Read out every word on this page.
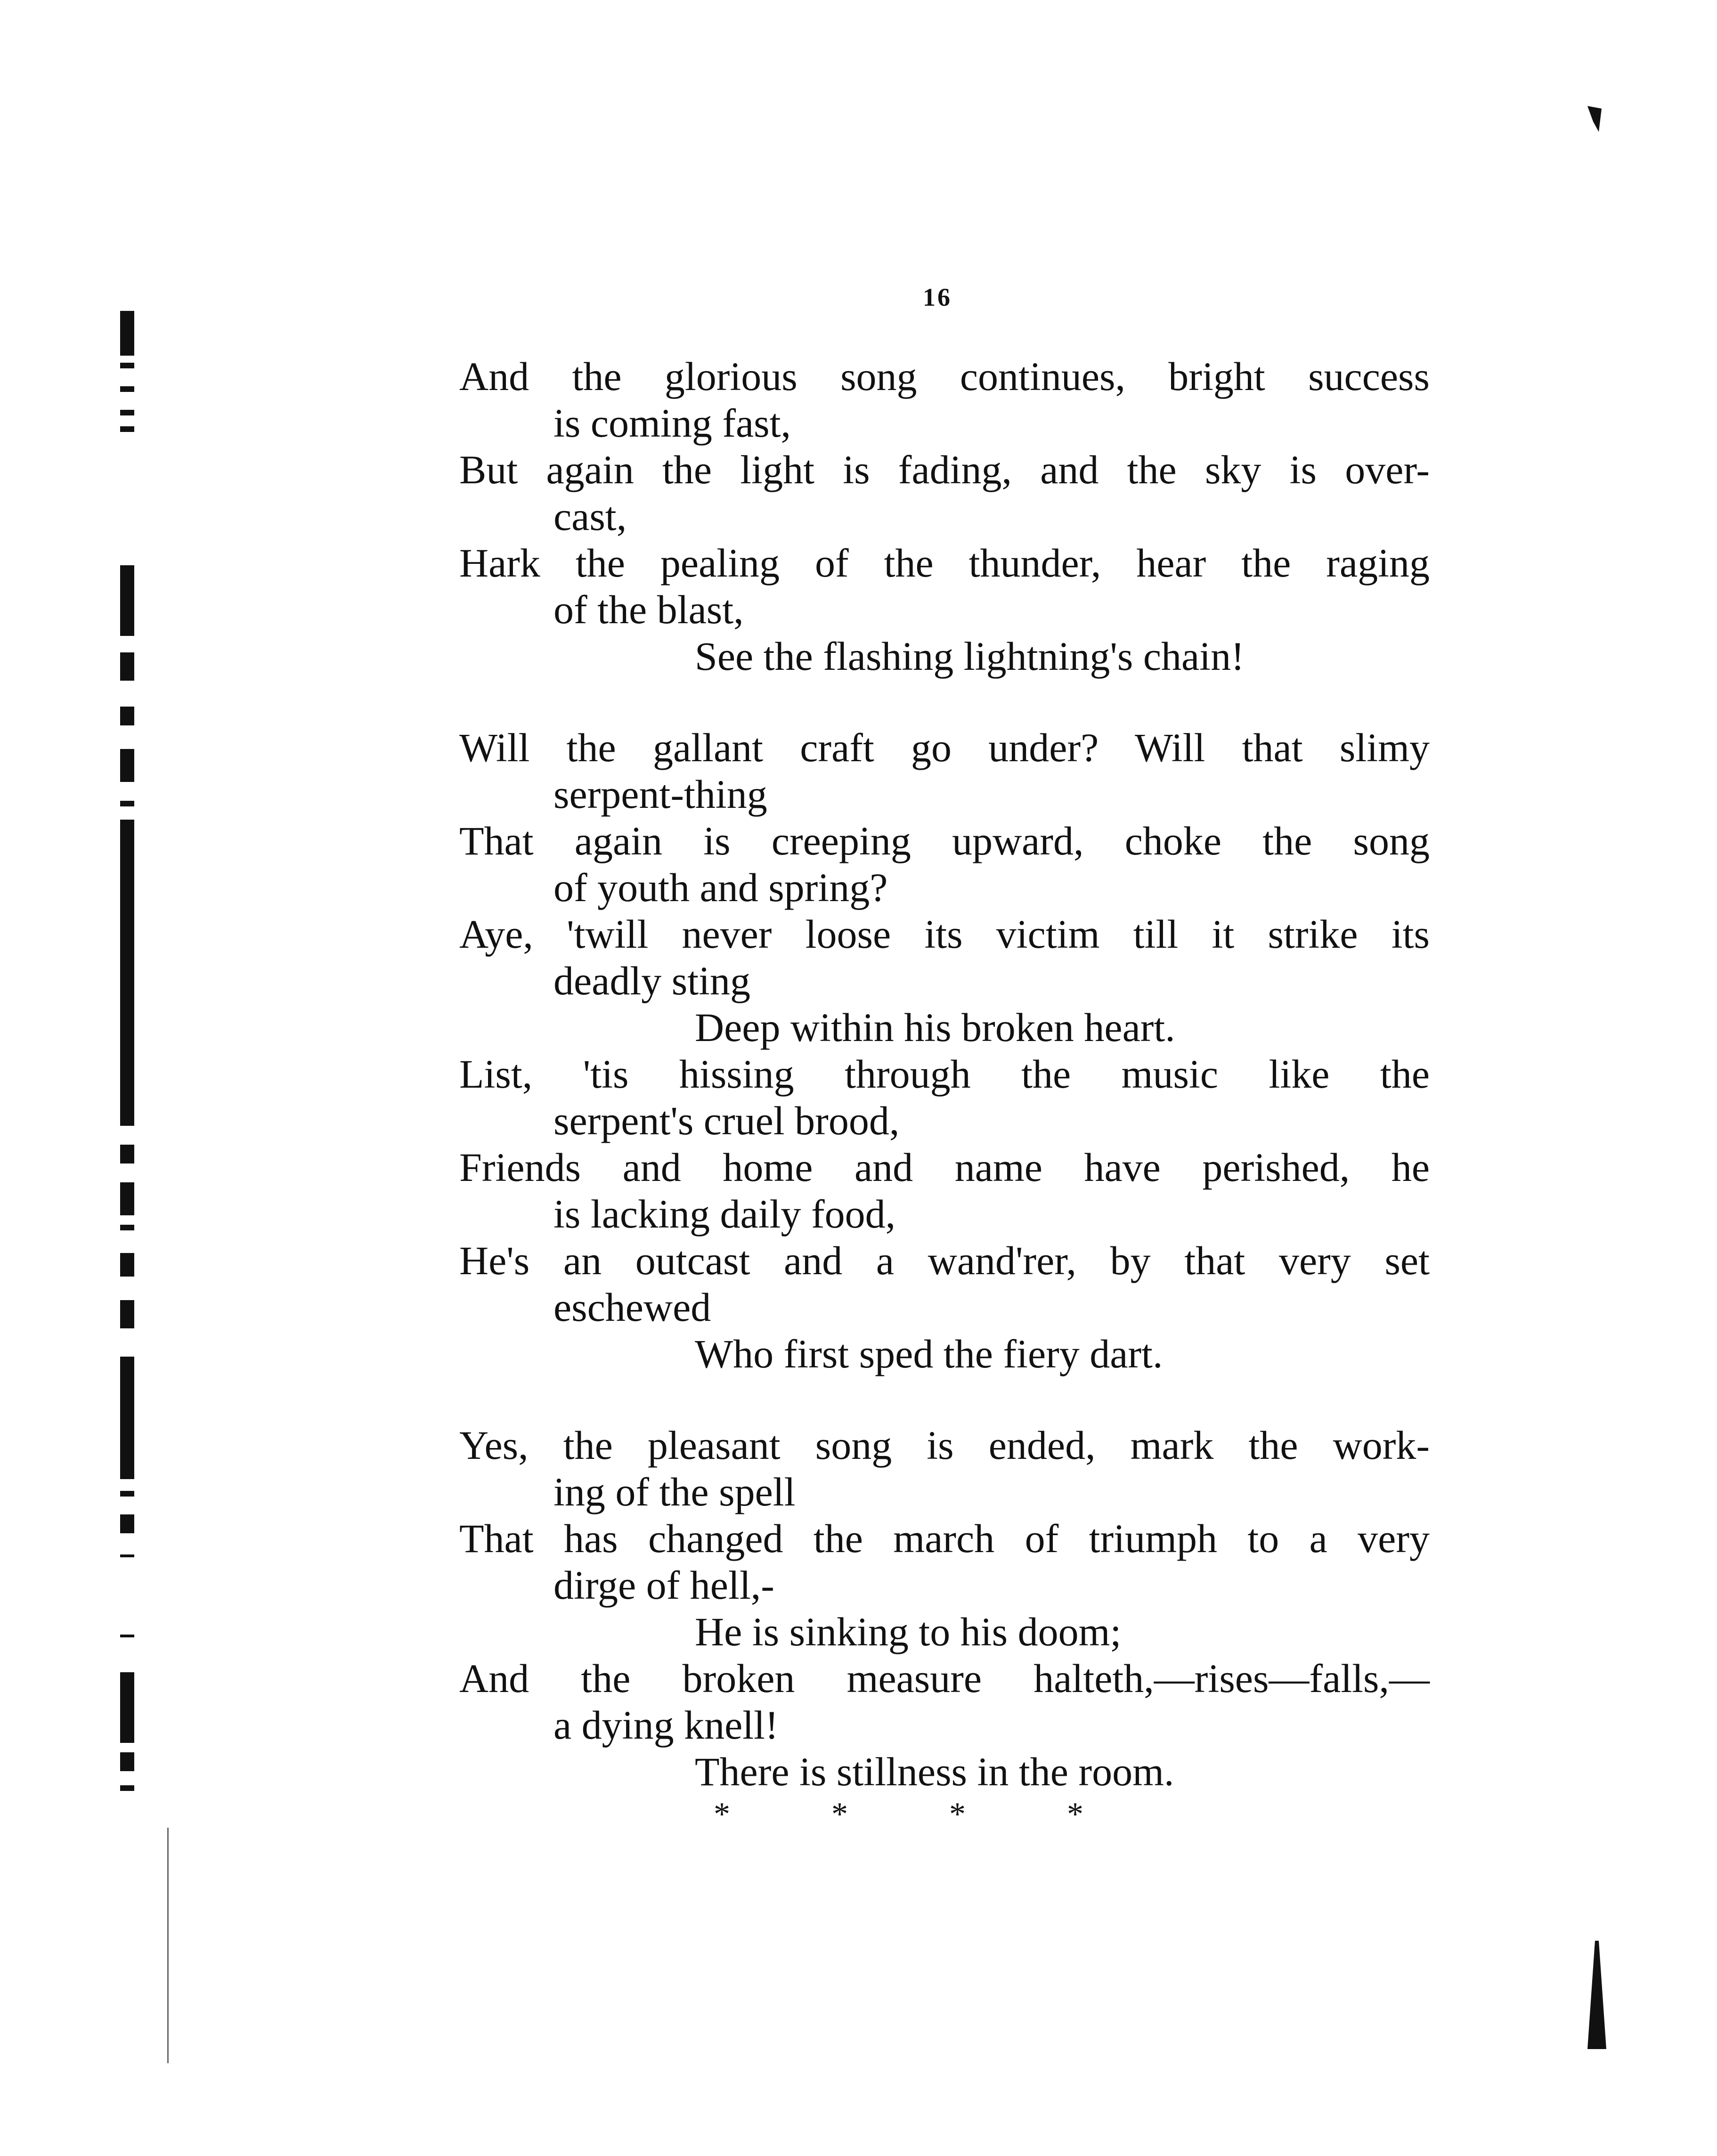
16
And the glorious song continues, bright success
is coming fast,
But again the light is fading, and the sky is over-
cast,
Hark the pealing of the thunder, hear the raging
of the blast,
See the flashing lightning's chain!
Will the gallant craft go under? Will that slimy
serpent-thing
That again is creeping upward, choke the song
of youth and spring?
Aye, 'twill never loose its victim till it strike its
deadly sting
Deep within his broken heart.
List, 'tis hissing through the music like the
serpent's cruel brood,
Friends and home and name have perished, he
is lacking daily food,
He's an outcast and a wand'rer, by that very set
eschewed
Who first sped the fiery dart.
Yes, the pleasant song is ended, mark the work-
ing of the spell
That has changed the march of triumph to a very
dirge of hell,-
He is sinking to his doom;
And the broken measure halteth,—rises—falls,—
a dying knell!
There is stillness in the room.
*	*	*	*
